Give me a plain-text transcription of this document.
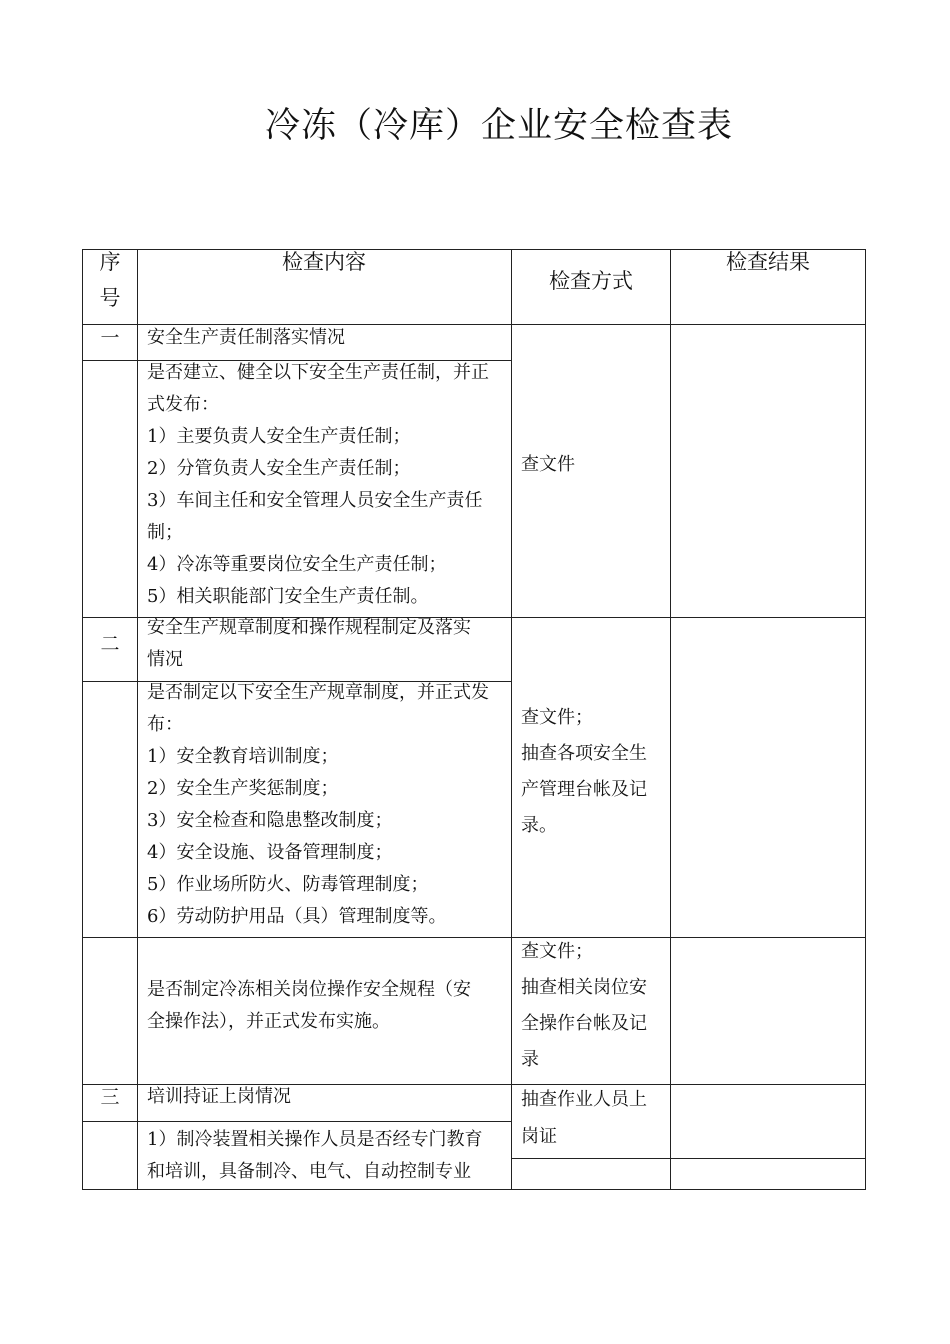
冷冻（冷库）企业安全检查表
序
号
检查内容
检查方式
检查结果
一	安全生产责任制落实情况
是否建立、健全以下安全生产责任制，并正
式发布：
1）主要负责人安全生产责任制；
2）分管负责人安全生产责任制；
3）车间主任和安全管理人员安全生产责任
制；
4）冷冻等重要岗位安全生产责任制；
5）相关职能部门安全生产责任制。
查文件
二
安全生产规章制度和操作规程制定及落实
情况
是否制定以下安全生产规章制度，并正式发
布：
1）安全教育培训制度；
2）安全生产奖惩制度；
3）安全检查和隐患整改制度；
4）安全设施、设备管理制度；
5）作业场所防火、防毒管理制度；
6）劳动防护用品（具）管理制度等。
查文件；
抽查各项安全生
产管理台帐及记
录。
是否制定冷冻相关岗位操作安全规程（安
全操作法），并正式发布实施。
查文件；
抽查相关岗位安
全操作台帐及记
录
三	培训持证上岗情况
1）制冷装置相关操作人员是否经专门教育
和培训，具备制冷、电气、自动控制专业
抽查作业人员上
岗证
